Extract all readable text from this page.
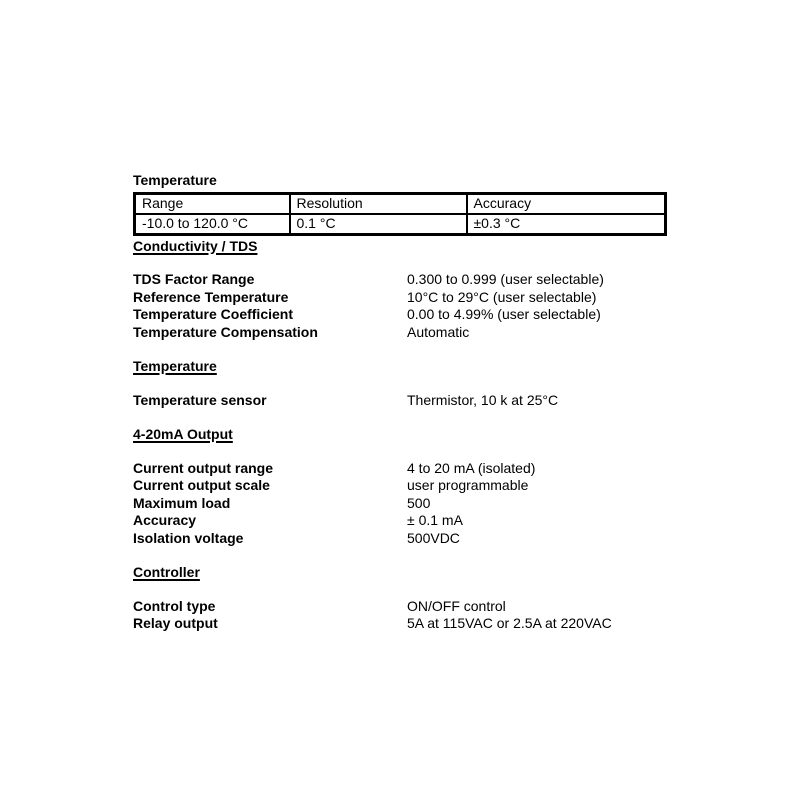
Temperature
Range	Resolution	Accuracy
-10.0 to 120.0 °C	0.1 °C	±0.3 °C
Conductivity / TDS
TDS Factor Range	0.300 to 0.999 (user selectable)
Reference Temperature	10°C to 29°C (user selectable)
Temperature Coefficient	0.00 to 4.99% (user selectable)
Temperature Compensation	Automatic
Temperature
Temperature sensor	Thermistor, 10 k at 25°C
4-20mA Output
Current output range	4 to 20 mA (isolated)
Current output scale	user programmable
Maximum load	500
Accuracy	± 0.1 mA
Isolation voltage	500VDC
Controller
Control type	ON/OFF control
Relay output	5A at 115VAC or 2.5A at 220VAC
